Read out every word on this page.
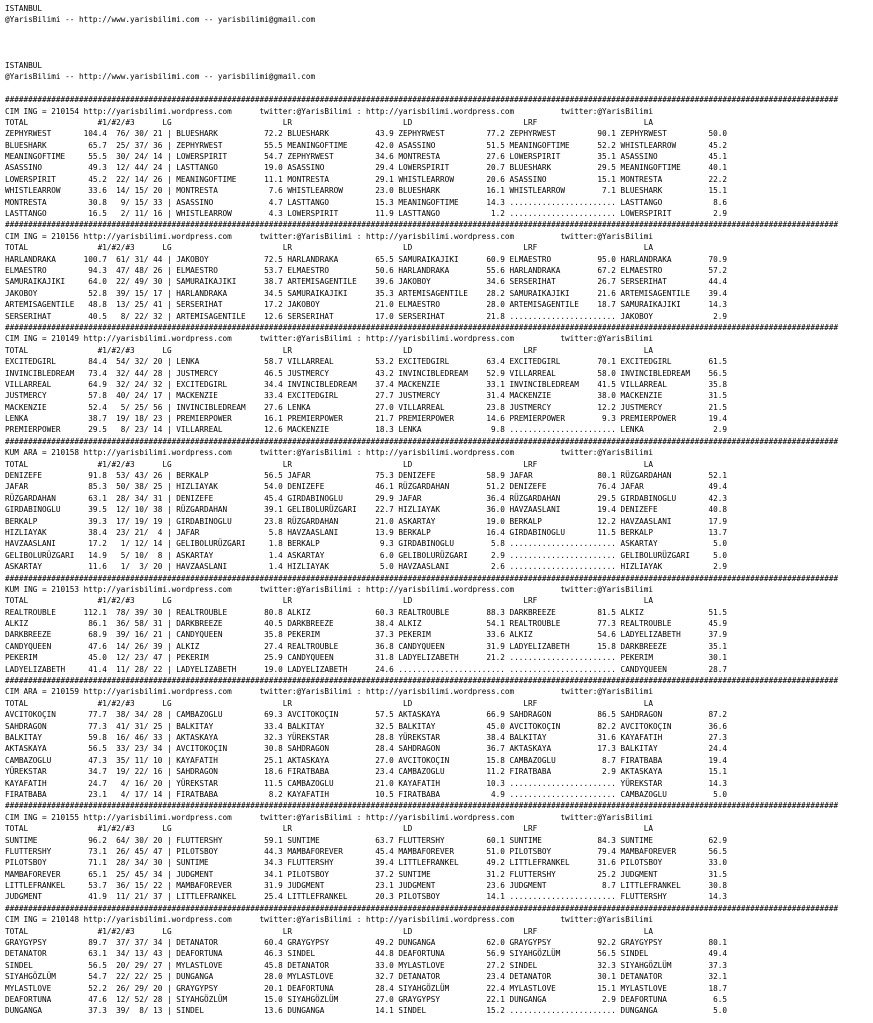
ISTANBUL
@YarisBilimi -- http://www.yarisbilimi.com -- yarisbilimi@gmail.com
ISTANBUL
@YarisBilimi -- http://www.yarisbilimi.com -- yarisbilimi@gmail.com
####################################################################################################################################################################################
CIM ING = 210154 http://yarisbilimi.wordpress.com      twitter:@YarisBilimi : http://yarisbilimi.wordpress.com          twitter:@YarisBilimi
TOTAL               #1/#2/#3      LG                        LR                        LD                        LRF                       LA
ZEPHYRWEST       104.4  76/ 30/ 21 | BLUESHARK          72.2 BLUESHARK          43.9 ZEPHYRWEST         77.2 ZEPHYRWEST         90.1 ZEPHYRWEST         50.0
BLUESHARK         65.7  25/ 37/ 36 | ZEPHYRWEST         55.5 MEANINGOFTIME      42.0 ASASSINO           51.5 MEANINGOFTIME      52.2 WHISTLEARROW       45.2
MEANINGOFTIME     55.5  30/ 24/ 14 | LOWERSPIRIT        54.7 ZEPHYRWEST         34.6 MONTRESTA          27.6 LOWERSPIRIT        35.1 ASASSINO           45.1
ASASSINO          49.3  12/ 44/ 24 | LASTTANGO          19.0 ASASSINO           29.4 LOWERSPIRIT        20.7 BLUESHARK          29.5 MEANINGOFTIME      40.1
LOWERSPIRIT       45.2  22/ 14/ 26 | MEANINGOFTIME      11.1 MONTRESTA          29.1 WHISTLEARROW       20.6 ASASSINO           15.1 MONTRESTA          22.2
WHISTLEARROW      33.6  14/ 15/ 20 | MONTRESTA           7.6 WHISTLEARROW       23.0 BLUESHARK          16.1 WHISTLEARROW        7.1 BLUESHARK          15.1
MONTRESTA         30.8   9/ 15/ 33 | ASASSINO            4.7 LASTTANGO          15.3 MEANINGOFTIME      14.3 ....................... LASTTANGO           8.6
LASTTANGO         16.5   2/ 11/ 16 | WHISTLEARROW        4.3 LOWERSPIRIT        11.9 LASTTANGO           1.2 ....................... LOWERSPIRIT         2.9
####################################################################################################################################################################################
CIM ING = 210156 http://yarisbilimi.wordpress.com      twitter:@YarisBilimi : http://yarisbilimi.wordpress.com          twitter:@YarisBilimi
TOTAL               #1/#2/#3      LG                        LR                        LD                        LRF                       LA
HARLANDRAKA      100.7  61/ 31/ 44 | JAKOBOY            72.5 HARLANDRAKA        65.5 SAMURAIKAJIKI      60.9 ELMAESTRO          95.0 HARLANDRAKA        70.9
ELMAESTRO         94.3  47/ 48/ 26 | ELMAESTRO          53.7 ELMAESTRO          50.6 HARLANDRAKA        55.6 HARLANDRAKA        67.2 ELMAESTRO          57.2
SAMURAIKAJIKI     64.0  22/ 49/ 30 | SAMURAIKAJIKI      38.7 ARTEMISAGENTILE    39.6 JAKOBOY            34.6 SERSERIHAT         26.7 SERSERIHAT         44.4
JAKOBOY           52.8  39/ 15/ 17 | HARLANDRAKA        34.5 SAMURAIKAJIKI      35.3 ARTEMISAGENTILE    28.2 SAMURAIKAJIKI      21.6 ARTEMISAGENTILE    39.4
ARTEMISAGENTILE   48.8  13/ 25/ 41 | SERSERIHAT         17.2 JAKOBOY            21.0 ELMAESTRO          28.0 ARTEMISAGENTILE    18.7 SAMURAIKAJIKI      14.3
SERSERIHAT        40.5   8/ 22/ 32 | ARTEMISAGENTILE    12.6 SERSERIHAT         17.0 SERSERIHAT         21.8 ....................... JAKOBOY             2.9
####################################################################################################################################################################################
CIM ING = 210149 http://yarisbilimi.wordpress.com      twitter:@YarisBilimi : http://yarisbilimi.wordpress.com          twitter:@YarisBilimi
TOTAL               #1/#2/#3      LG                        LR                        LD                        LRF                       LA
EXCITEDGIRL       84.4  54/ 32/ 20 | LENKA              58.7 VILLARREAL         53.2 EXCITEDGIRL        63.4 EXCITEDGIRL        70.1 EXCITEDGIRL        61.5
INVINCIBLEDREAM   73.4  32/ 44/ 28 | JUSTMERCY          46.5 JUSTMERCY          43.2 INVINCIBLEDREAM    52.9 VILLARREAL         58.0 INVINCIBLEDREAM    56.5
VILLARREAL        64.9  32/ 24/ 32 | EXCITEDGIRL        34.4 INVINCIBLEDREAM    37.4 MACKENZIE          33.1 INVINCIBLEDREAM    41.5 VILLARREAL         35.8
JUSTMERCY         57.8  40/ 24/ 17 | MACKENZIE          33.4 EXCITEDGIRL        27.7 JUSTMERCY          31.4 MACKENZIE          38.0 MACKENZIE          31.5
MACKENZIE         52.4   5/ 25/ 56 | INVINCIBLEDREAM    27.6 LENKA              27.0 VILLARREAL         23.8 JUSTMERCY          12.2 JUSTMERCY          21.5
LENKA             38.7  19/ 18/ 23 | PREMIERPOWER       16.1 PREMIERPOWER       21.7 PREMIERPOWER       14.6 PREMIERPOWER        9.3 PREMIERPOWER       19.4
PREMIERPOWER      29.5   8/ 23/ 14 | VILLARREAL         12.6 MACKENZIE          18.3 LENKA               9.8 ....................... LENKA               2.9
####################################################################################################################################################################################
KUM ARA = 210158 http://yarisbilimi.wordpress.com      twitter:@YarisBilimi : http://yarisbilimi.wordpress.com          twitter:@YarisBilimi
TOTAL               #1/#2/#3      LG                        LR                        LD                        LRF                       LA
DENIZEFE          91.8  53/ 43/ 26 | BERKALP            56.5 JAFAR              75.3 DENIZEFE           58.9 JAFAR              80.1 RÜZGARDAHAN        52.1
JAFAR             85.3  50/ 38/ 25 | HIZLIAYAK          54.0 DENIZEFE           46.1 RÜZGARDAHAN        51.2 DENIZEFE           76.4 JAFAR              49.4
RÜZGARDAHAN       63.1  28/ 34/ 31 | DENIZEFE           45.4 GIRDABINOGLU       29.9 JAFAR              36.4 RÜZGARDAHAN        29.5 GIRDABINOGLU       42.3
GIRDABINOGLU      39.5  12/ 10/ 38 | RÜZGARDAHAN        39.1 GELIBOLURÜZGARI    22.7 HIZLIAYAK          36.0 HAVZAASLANI        19.4 DENIZEFE           40.8
BERKALP           39.3  17/ 19/ 19 | GIRDABINOGLU       23.8 RÜZGARDAHAN        21.0 ASKARTAY           19.0 BERKALP            12.2 HAVZAASLANI        17.9
HIZLIAYAK         38.4  23/ 21/  4 | JAFAR               5.8 HAVZAASLANI        13.9 BERKALP            16.4 GIRDABINOGLU       11.5 BERKALP            13.7
HAVZAASLANI       17.2   1/ 12/ 14 | GELIBOLURÜZGARI     1.8 BERKALP             9.3 GIRDABINOGLU        5.8 ....................... ASKARTAY            5.0
GELIBOLURÜZGARI   14.9   5/ 10/  8 | ASKARTAY            1.4 ASKARTAY            6.0 GELIBOLURÜZGARI     2.9 ....................... GELIBOLURÜZGARI     5.0
ASKARTAY          11.6   1/  3/ 20 | HAVZAASLANI         1.4 HIZLIAYAK           5.0 HAVZAASLANI         2.6 ....................... HIZLIAYAK           2.9
####################################################################################################################################################################################
KUM ING = 210153 http://yarisbilimi.wordpress.com      twitter:@YarisBilimi : http://yarisbilimi.wordpress.com          twitter:@YarisBilimi
TOTAL               #1/#2/#3      LG                        LR                        LD                        LRF                       LA
REALTROUBLE      112.1  78/ 39/ 30 | REALTROUBLE        80.8 ALKIZ              60.3 REALTROUBLE        88.3 DARKBREEZE         81.5 ALKIZ              51.5
ALKIZ             86.1  36/ 58/ 31 | DARKBREEZE         40.5 DARKBREEZE         38.4 ALKIZ              54.1 REALTROUBLE        77.3 REALTROUBLE        45.9
DARKBREEZE        68.9  39/ 16/ 21 | CANDYQUEEN         35.8 PEKERIM            37.3 PEKERIM            33.6 ALKIZ              54.6 LADYELIZABETH      37.9
CANDYQUEEN        47.6  14/ 26/ 39 | ALKIZ              27.4 REALTROUBLE        36.8 CANDYQUEEN         31.9 LADYELIZABETH      15.8 DARKBREEZE         35.1
PEKERIM           45.0  12/ 23/ 47 | PEKERIM            25.9 CANDYQUEEN         31.8 LADYELIZABETH      21.2 ....................... PEKERIM            30.1
LADYELIZABETH     41.4  11/ 28/ 22 | LADYELIZABETH      19.0 LADYELIZABETH      24.6 ....................... ....................... CANDYQUEEN         28.7
####################################################################################################################################################################################
CIM ARA = 210159 http://yarisbilimi.wordpress.com      twitter:@YarisBilimi : http://yarisbilimi.wordpress.com          twitter:@YarisBilimi
TOTAL               #1/#2/#3      LG                        LR                        LD                        LRF                       LA
AVCITOKOÇIN       77.7  38/ 34/ 28 | CAMBAZOGLU         69.3 AVCITOKOÇIN        57.5 AKTASKAYA          66.9 SAHDRAGON          86.5 SAHDRAGON          87.2
SAHDRAGON         77.3  41/ 31/ 25 | BALKITAY           33.4 BALKITAY           32.5 BALKITAY           45.0 AVCITOKOÇIN        82.2 AVCITOKOÇIN        36.6
BALKITAY          59.8  16/ 46/ 33 | AKTASKAYA          32.3 YÜREKSTAR          28.8 YÜREKSTAR          38.4 BALKITAY           31.6 KAYAFATIH          27.3
AKTASKAYA         56.5  33/ 23/ 34 | AVCITOKOÇIN        30.8 SAHDRAGON          28.4 SAHDRAGON          36.7 AKTASKAYA          17.3 BALKITAY           24.4
CAMBAZOGLU        47.3  35/ 11/ 10 | KAYAFATIH          25.1 AKTASKAYA          27.0 AVCITOKOÇIN        15.8 CAMBAZOGLU          8.7 FIRATBABA          19.4
YÜREKSTAR         34.7  19/ 22/ 16 | SAHDRAGON          18.6 FIRATBABA          23.4 CAMBAZOGLU         11.2 FIRATBABA           2.9 AKTASKAYA          15.1
KAYAFATIH         24.7   4/ 16/ 20 | YÜREKSTAR          11.5 CAMBAZOGLU         21.0 KAYAFATIH          10.3 ....................... YÜREKSTAR          14.3
FIRATBABA         23.1   4/ 17/ 14 | FIRATBABA           8.2 KAYAFATIH          10.5 FIRATBABA           4.9 ....................... CAMBAZOGLU          5.0
####################################################################################################################################################################################
CIM ING = 210155 http://yarisbilimi.wordpress.com      twitter:@YarisBilimi : http://yarisbilimi.wordpress.com          twitter:@YarisBilimi
TOTAL               #1/#2/#3      LG                        LR                        LD                        LRF                       LA
SUNTIME           96.2  64/ 30/ 20 | FLUTTERSHY         59.1 SUNTIME            63.7 FLUTTERSHY         60.1 SUNTIME            84.3 SUNTIME            62.9
FLUTTERSHY        73.1  26/ 45/ 47 | PILOTSBOY          44.3 MAMBAFOREVER       45.4 MAMBAFOREVER       51.0 PILOTSBOY          79.4 MAMBAFOREVER       56.5
PILOTSBOY         71.1  28/ 34/ 30 | SUNTIME            34.3 FLUTTERSHY         39.4 LITTLEFRANKEL      49.2 LITTLEFRANKEL      31.6 PILOTSBOY          33.0
MAMBAFOREVER      65.1  25/ 45/ 34 | JUDGMENT           34.1 PILOTSBOY          37.2 SUNTIME            31.2 FLUTTERSHY         25.2 JUDGMENT           31.5
LITTLEFRANKEL     53.7  36/ 15/ 22 | MAMBAFOREVER       31.9 JUDGMENT           23.1 JUDGMENT           23.6 JUDGMENT            8.7 LITTLEFRANKEL      30.8
JUDGMENT          41.9  11/ 21/ 37 | LITTLEFRANKEL      25.4 LITTLEFRANKEL      20.3 PILOTSBOY          14.1 ....................... FLUTTERSHY         14.3
####################################################################################################################################################################################
CIM ING = 210148 http://yarisbilimi.wordpress.com      twitter:@YarisBilimi : http://yarisbilimi.wordpress.com          twitter:@YarisBilimi
TOTAL               #1/#2/#3      LG                        LR                        LD                        LRF                       LA
GRAYGYPSY         89.7  37/ 37/ 34 | DETANATOR          60.4 GRAYGYPSY          49.2 DUNGANGA           62.0 GRAYGYPSY          92.2 GRAYGYPSY          80.1
DETANATOR         63.1  34/ 13/ 43 | DEAFORTUNA         46.3 SINDEL             44.8 DEAFORTUNA         56.9 SIYAHGÖZLÜM        56.5 SINDEL             49.4
SINDEL            56.5  20/ 29/ 27 | MYLASTLOVE         45.8 DETANATOR          33.0 MYLASTLOVE         27.2 SINDEL             32.3 SIYAHGÖZLÜM        37.3
SIYAHGÖZLÜM       54.7  22/ 22/ 25 | DUNGANGA           28.0 MYLASTLOVE         32.7 DETANATOR          23.4 DETANATOR          30.1 DETANATOR          32.1
MYLASTLOVE        52.2  26/ 29/ 20 | GRAYGYPSY          20.1 DEAFORTUNA         28.4 SIYAHGÖZLÜM        22.4 MYLASTLOVE         15.1 MYLASTLOVE         18.7
DEAFORTUNA        47.6  12/ 52/ 28 | SIYAHGÖZLÜM        15.0 SIYAHGÖZLÜM        27.0 GRAYGYPSY          22.1 DUNGANGA            2.9 DEAFORTUNA          6.5
DUNGANGA          37.3  39/  8/ 13 | SINDEL             13.6 DUNGANGA           14.1 SINDEL             15.2 ....................... DUNGANGA            5.0
